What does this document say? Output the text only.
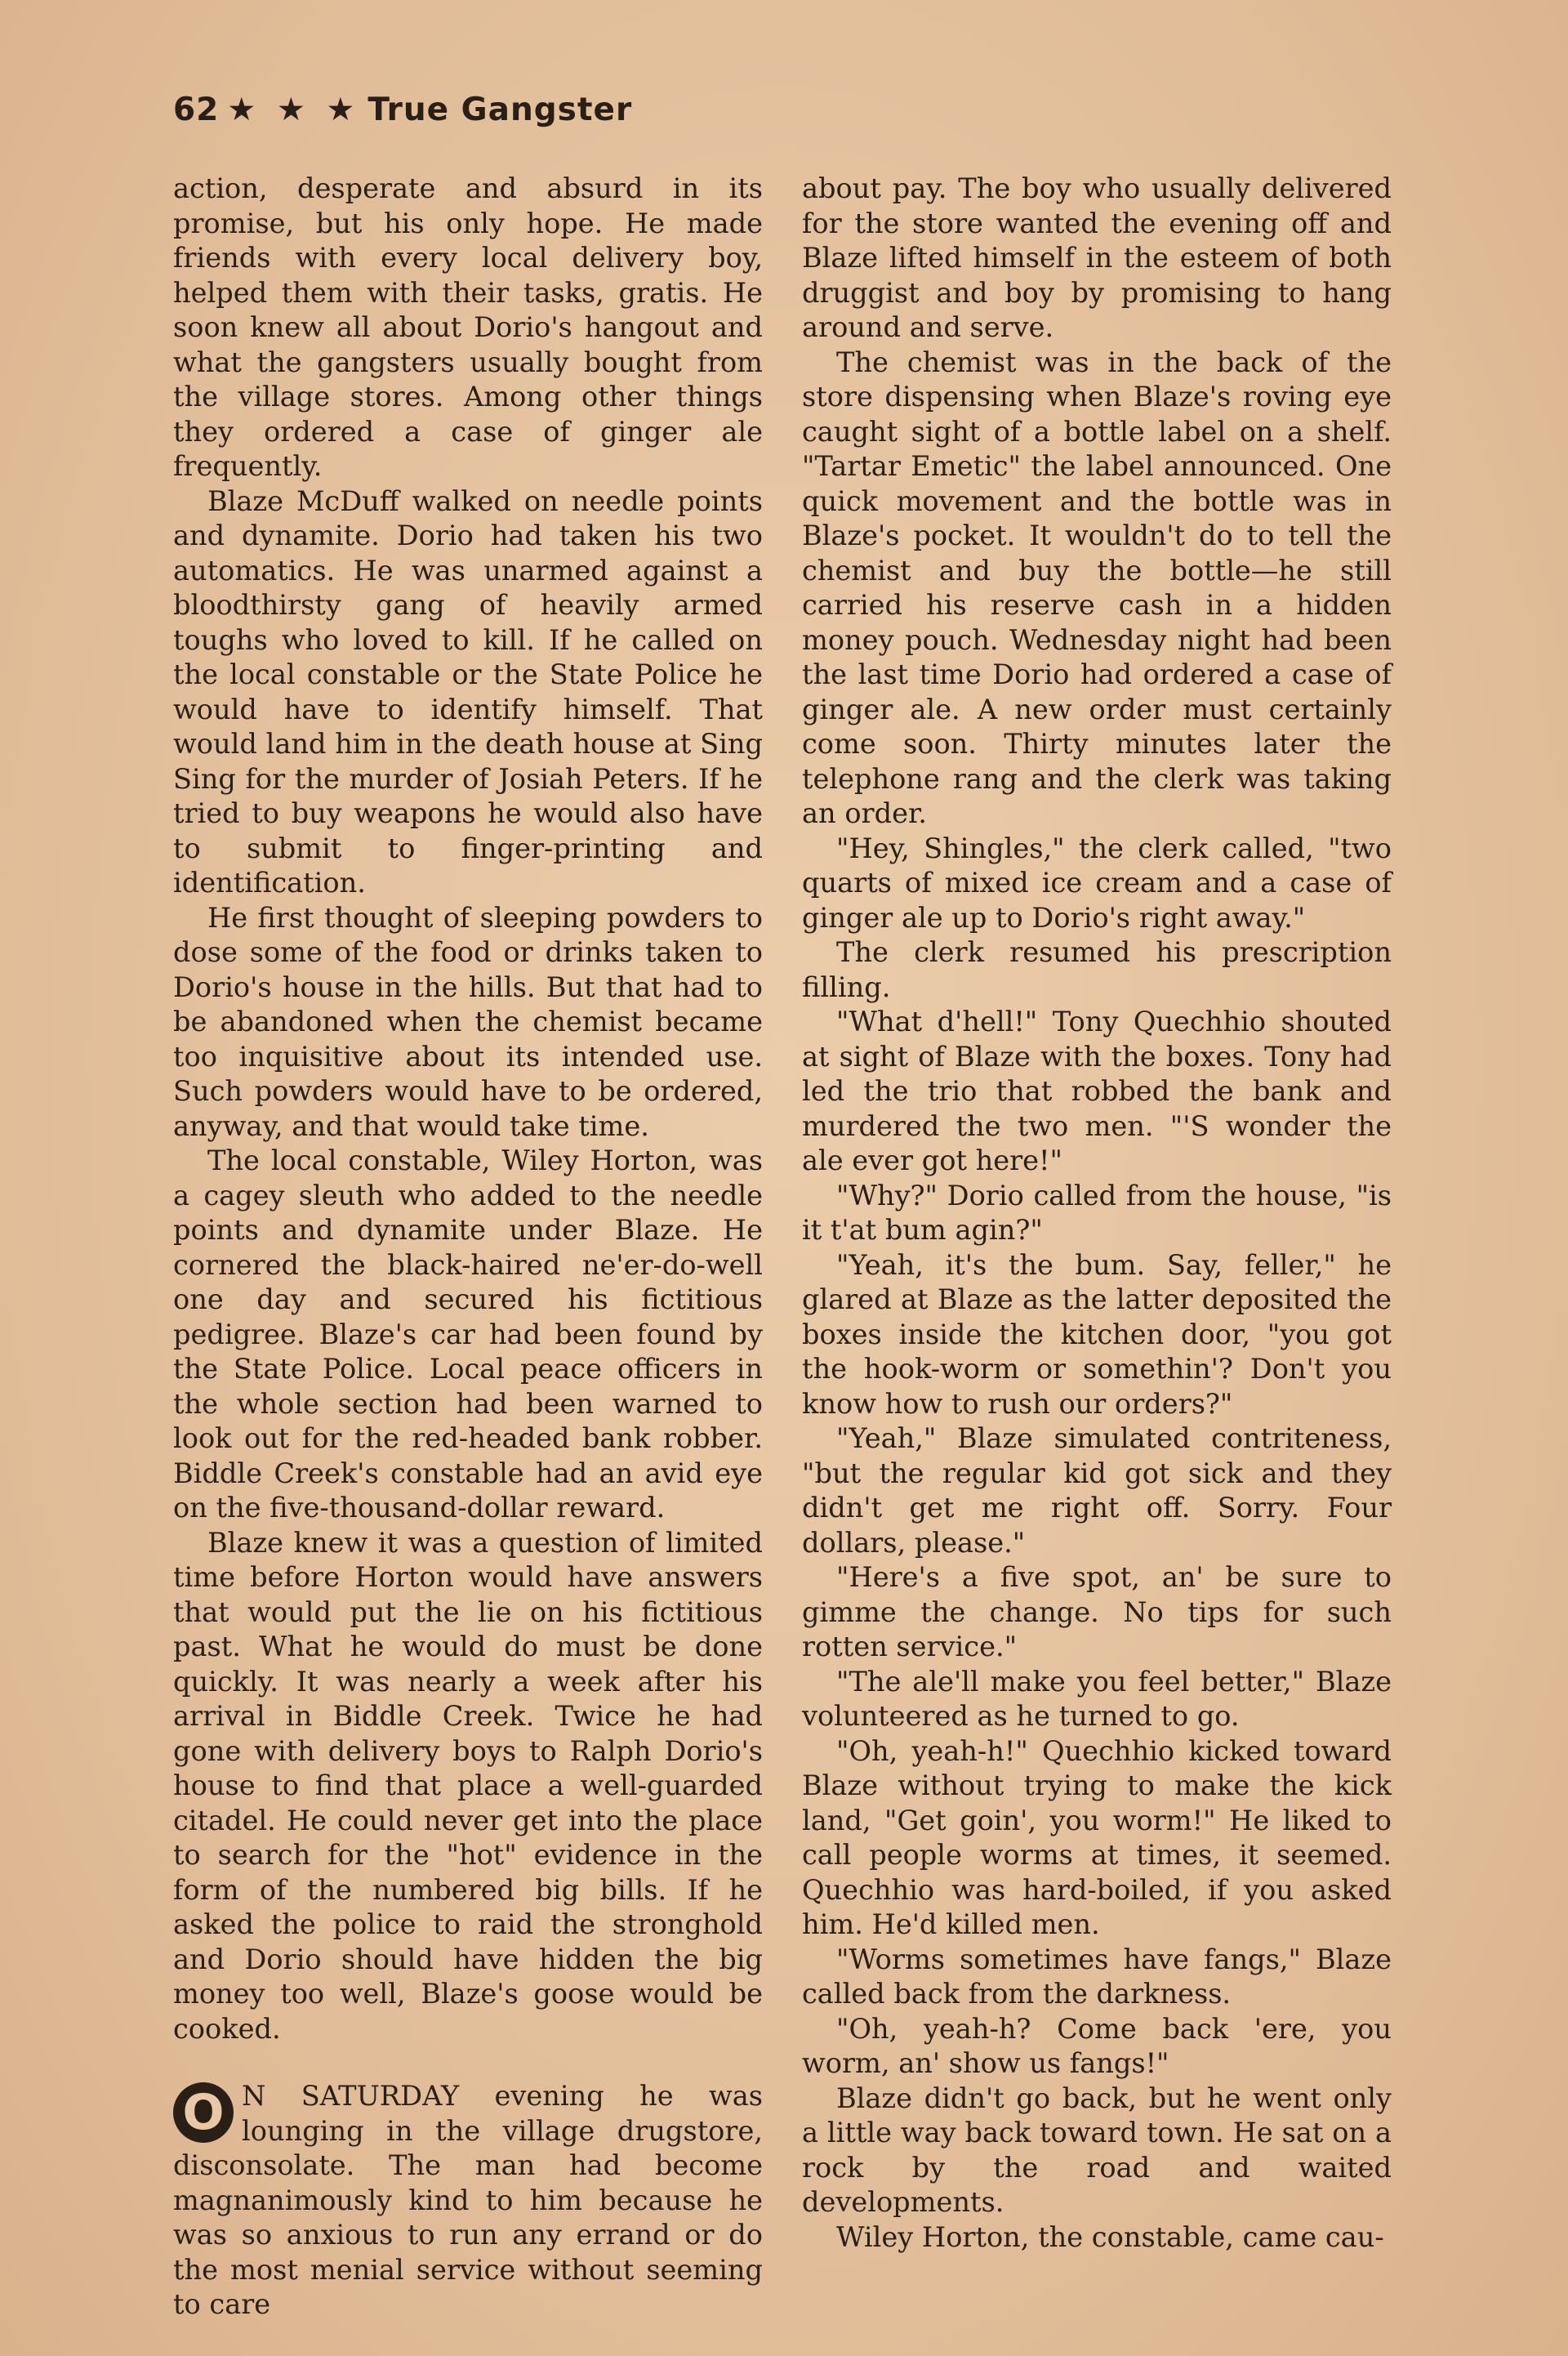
62 ★ ★ ★ True Gangster

action, desperate and absurd in its promise, but his only hope. He made friends with every local delivery boy, helped them with their tasks, gratis. He soon knew all about Dorio's hangout and what the gangsters usually bought from the village stores. Among other things they ordered a case of ginger ale frequently.

Blaze McDuff walked on needle points and dynamite. Dorio had taken his two automatics. He was unarmed against a bloodthirsty gang of heavily armed toughs who loved to kill. If he called on the local constable or the State Police he would have to identify himself. That would land him in the death house at Sing Sing for the murder of Josiah Peters. If he tried to buy weapons he would also have to submit to finger-printing and identification.

He first thought of sleeping powders to dose some of the food or drinks taken to Dorio's house in the hills. But that had to be abandoned when the chemist became too inquisitive about its intended use. Such powders would have to be ordered, anyway, and that would take time.

The local constable, Wiley Horton, was a cagey sleuth who added to the needle points and dynamite under Blaze. He cornered the black-haired ne'er-do-well one day and secured his fictitious pedigree. Blaze's car had been found by the State Police. Local peace officers in the whole section had been warned to look out for the red-headed bank robber. Biddle Creek's constable had an avid eye on the five-thousand-dollar reward.

Blaze knew it was a question of limited time before Horton would have answers that would put the lie on his fictitious past. What he would do must be done quickly. It was nearly a week after his arrival in Biddle Creek. Twice he had gone with delivery boys to Ralph Dorio's house to find that place a well-guarded citadel. He could never get into the place to search for the "hot" evidence in the form of the numbered big bills. If he asked the police to raid the stronghold and Dorio should have hidden the big money too well, Blaze's goose would be cooked.

O N SATURDAY evening he was lounging in the village drugstore, disconsolate. The man had become magnanimously kind to him because he was so anxious to run any errand or do the most menial service without seeming to care

about pay. The boy who usually delivered for the store wanted the evening off and Blaze lifted himself in the esteem of both druggist and boy by promising to hang around and serve.

The chemist was in the back of the store dispensing when Blaze's roving eye caught sight of a bottle label on a shelf. "Tartar Emetic" the label announced. One quick movement and the bottle was in Blaze's pocket. It wouldn't do to tell the chemist and buy the bottle—he still carried his reserve cash in a hidden money pouch. Wednesday night had been the last time Dorio had ordered a case of ginger ale. A new order must certainly come soon. Thirty minutes later the telephone rang and the clerk was taking an order.

"Hey, Shingles," the clerk called, "two quarts of mixed ice cream and a case of ginger ale up to Dorio's right away."

The clerk resumed his prescription filling.

"What d'hell!" Tony Quechhio shouted at sight of Blaze with the boxes. Tony had led the trio that robbed the bank and murdered the two men. "'S wonder the ale ever got here!"

"Why?" Dorio called from the house, "is it t'at bum agin?"

"Yeah, it's the bum. Say, feller," he glared at Blaze as the latter deposited the boxes inside the kitchen door, "you got the hook-worm or somethin'? Don't you know how to rush our orders?"

"Yeah," Blaze simulated contriteness, "but the regular kid got sick and they didn't get me right off. Sorry. Four dollars, please."

"Here's a five spot, an' be sure to gimme the change. No tips for such rotten service."

"The ale'll make you feel better," Blaze volunteered as he turned to go.

"Oh, yeah-h!" Quechhio kicked toward Blaze without trying to make the kick land, "Get goin', you worm!" He liked to call people worms at times, it seemed. Quechhio was hard-boiled, if you asked him. He'd killed men.

"Worms sometimes have fangs," Blaze called back from the darkness.

"Oh, yeah-h? Come back 'ere, you worm, an' show us fangs!"

Blaze didn't go back, but he went only a little way back toward town. He sat on a rock by the road and waited developments.

Wiley Horton, the constable, came cau-
